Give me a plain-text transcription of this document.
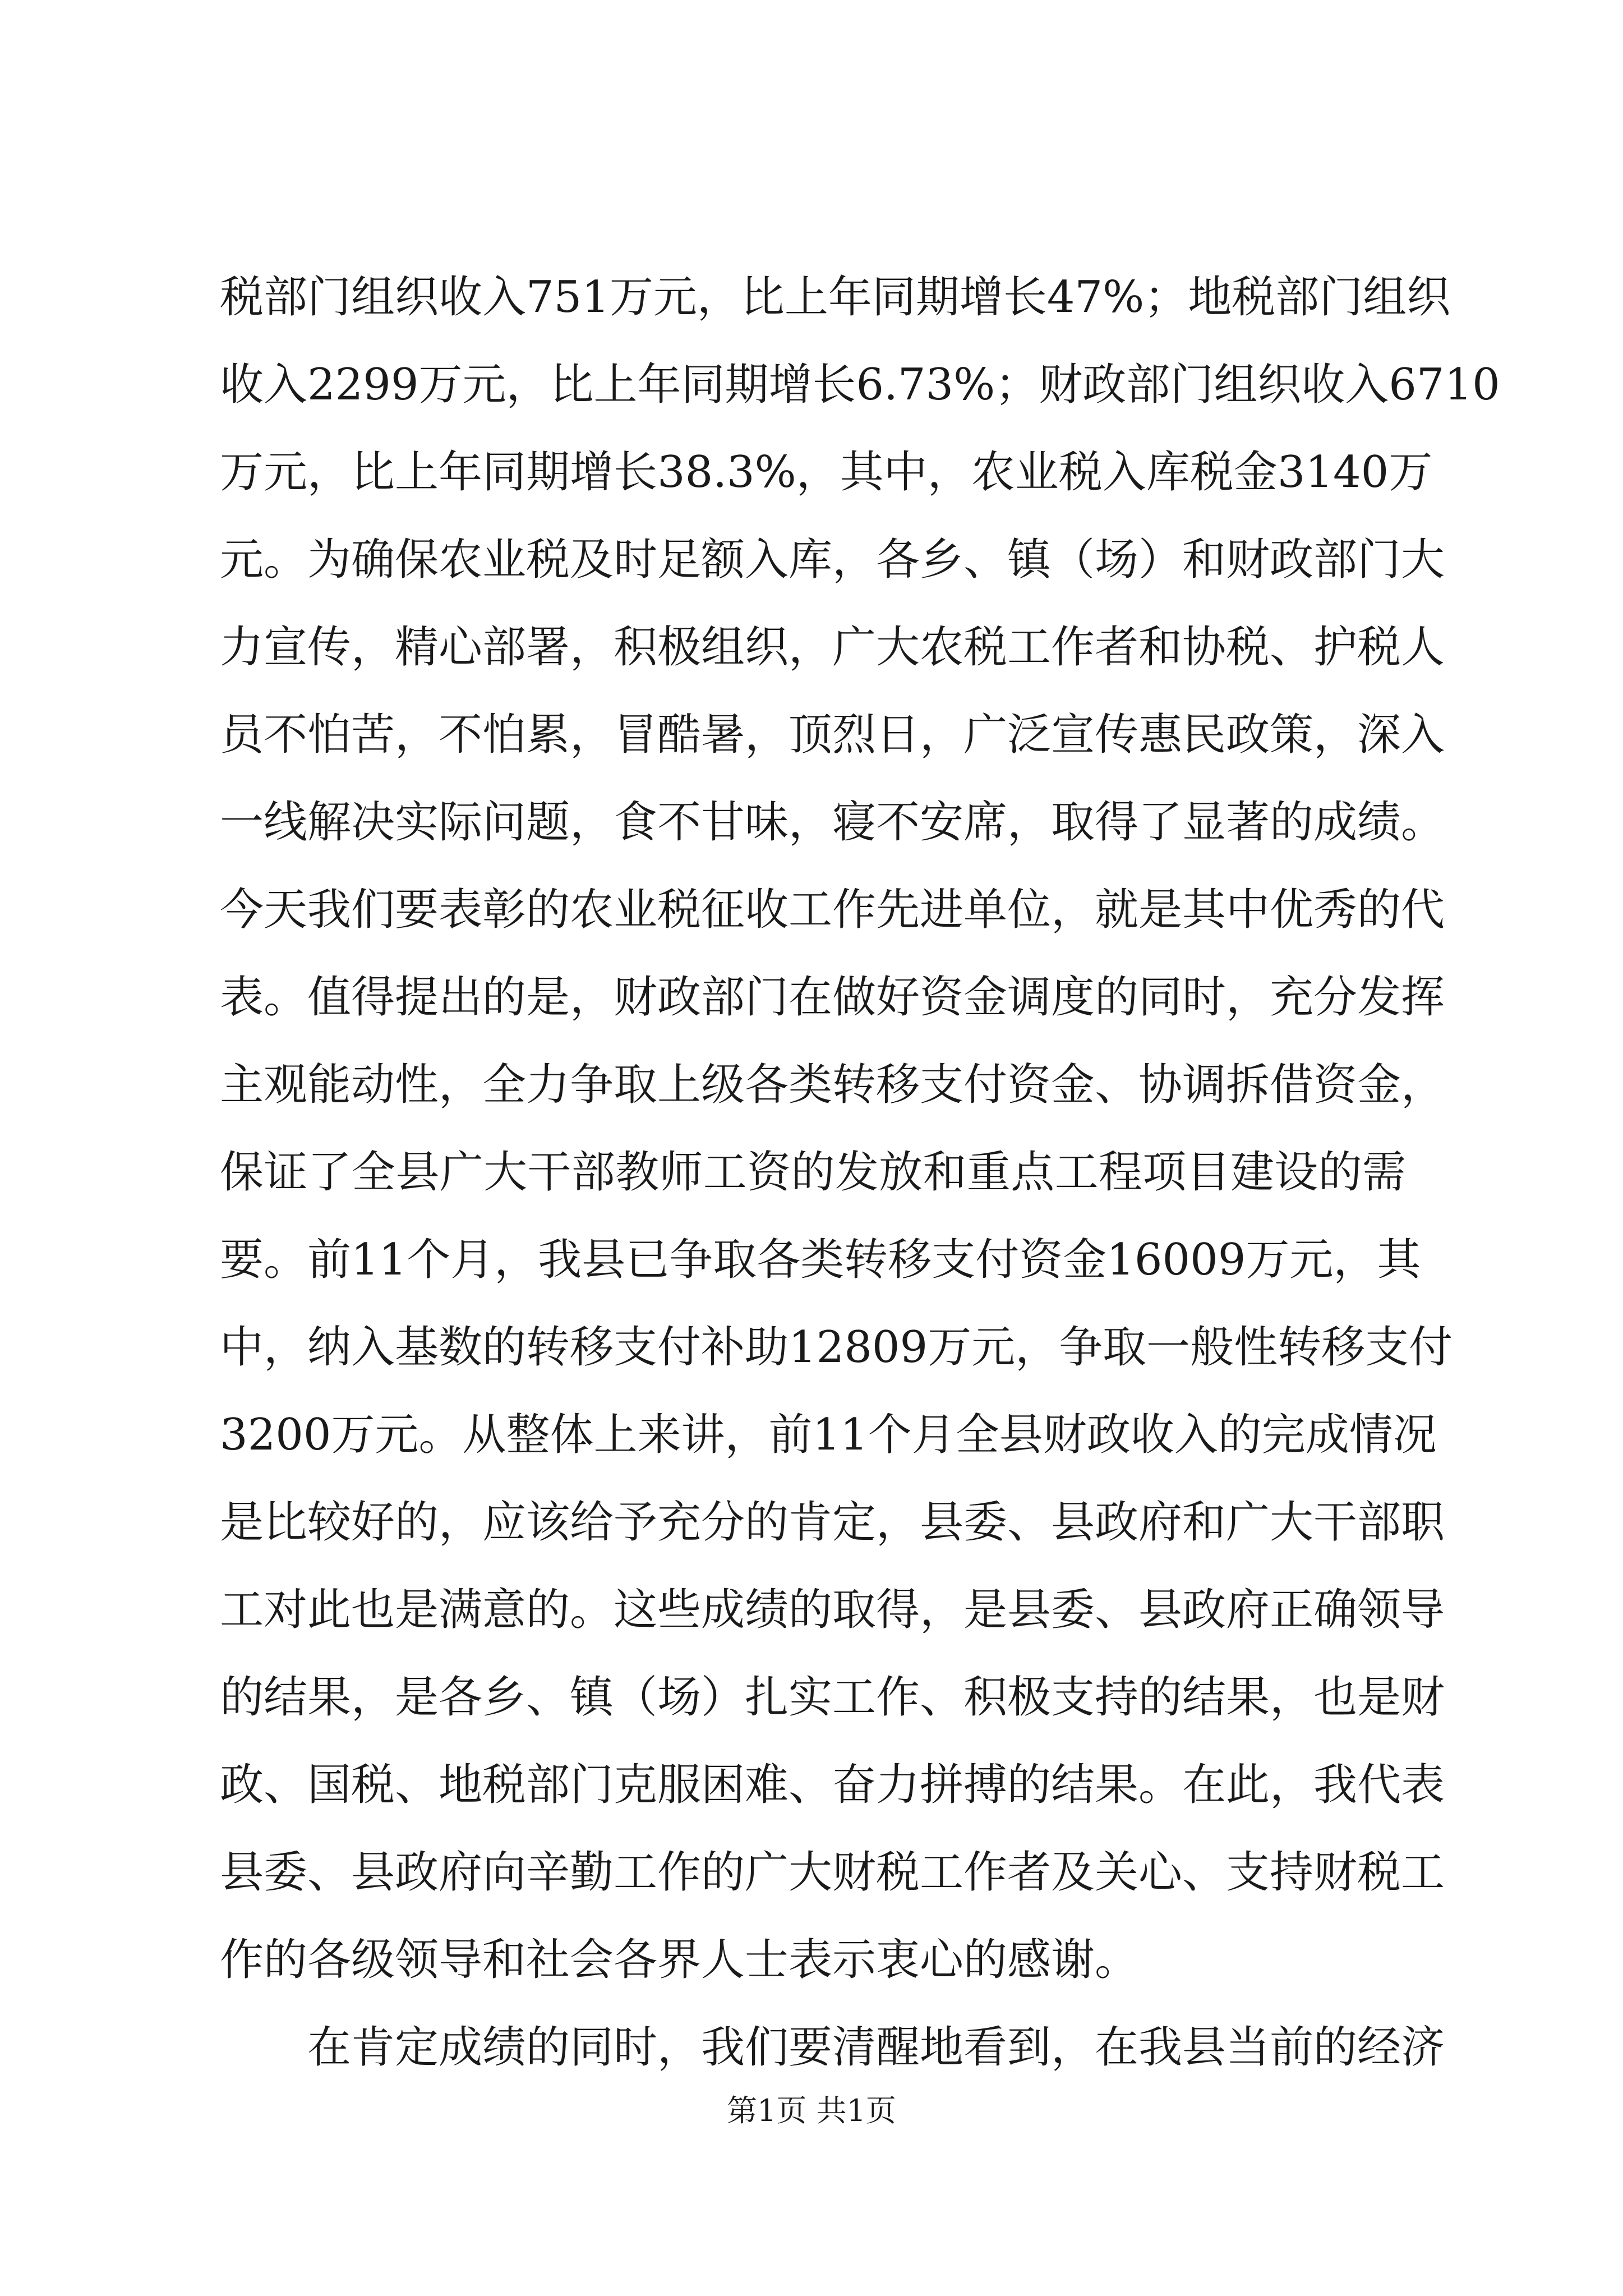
税部门组织收入751万元，比上年同期增长47%；地税部门组织
收入2299万元，比上年同期增长6.73%；财政部门组织收入6710
万元，比上年同期增长38.3%，其中，农业税入库税金3140万
元。为确保农业税及时足额入库，各乡、镇（场）和财政部门大
力宣传，精心部署，积极组织，广大农税工作者和协税、护税人
员不怕苦，不怕累，冒酷暑，顶烈日，广泛宣传惠民政策，深入
一线解决实际问题，食不甘味，寝不安席，取得了显著的成绩。
今天我们要表彰的农业税征收工作先进单位，就是其中优秀的代
表。值得提出的是，财政部门在做好资金调度的同时，充分发挥
主观能动性，全力争取上级各类转移支付资金、协调拆借资金，
保证了全县广大干部教师工资的发放和重点工程项目建设的需
要。前11个月，我县已争取各类转移支付资金16009万元，其
中，纳入基数的转移支付补助12809万元，争取一般性转移支付
3200万元。从整体上来讲，前11个月全县财政收入的完成情况
是比较好的，应该给予充分的肯定，县委、县政府和广大干部职
工对此也是满意的。这些成绩的取得，是县委、县政府正确领导
的结果，是各乡、镇（场）扎实工作、积极支持的结果，也是财
政、国税、地税部门克服困难、奋力拼搏的结果。在此，我代表
县委、县政府向辛勤工作的广大财税工作者及关心、支持财税工
作的各级领导和社会各界人士表示衷心的感谢。
在肯定成绩的同时，我们要清醒地看到，在我县当前的经济
第1页 共1页
